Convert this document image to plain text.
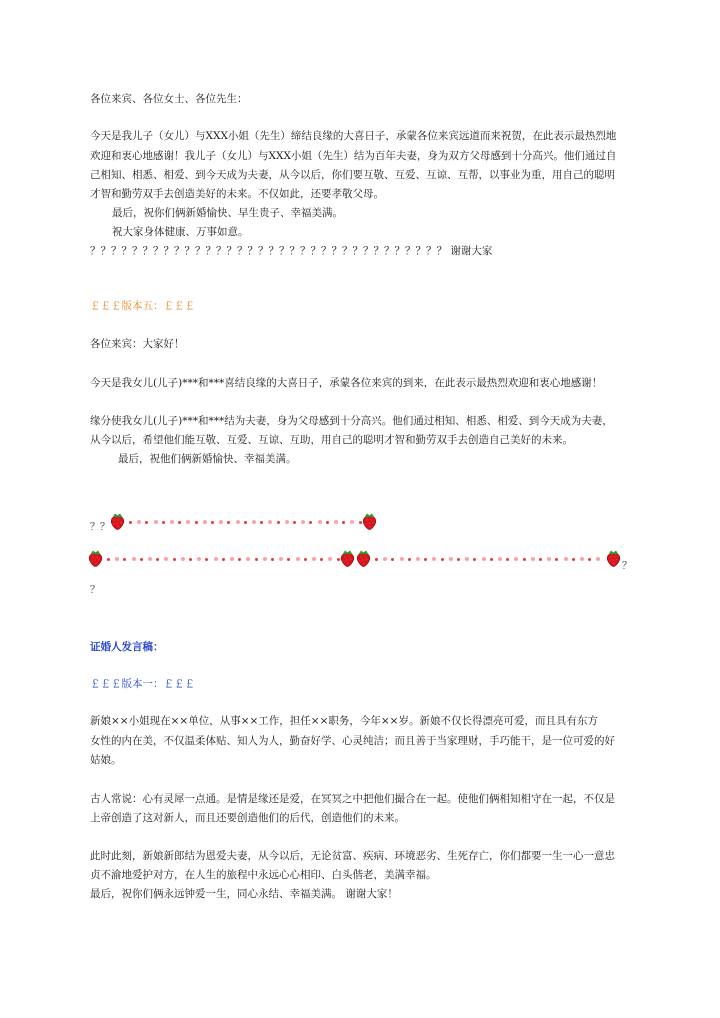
各位来宾、各位女士、各位先生：
今天是我儿子（女儿）与XXX小姐（先生）缔结良缘的大喜日子，承蒙各位来宾远道而来祝贺，在此表示最热烈地
欢迎和衷心地感谢！我儿子（女儿）与XXX小姐（先生）结为百年夫妻，身为双方父母感到十分高兴。他们通过自
己相知、相悉、相爱、到今天成为夫妻，从今以后，你们要互敬、互爱、互谅、互帮，以事业为重，用自己的聪明
才智和勤劳双手去创造美好的未来。不仅如此，还要孝敬父母。
最后，祝你们俩新婚愉快、早生贵子、幸福美满。
祝大家身体健康、万事如意。
？？？？？？？？？？？？？？？？？？？？？？？？？？？？？？？？？？ 谢谢大家
￡￡￡版本五：￡￡￡
各位来宾：大家好！
今天是我女儿(儿子)***和***喜结良缘的大喜日子，承蒙各位来宾的到来，在此表示最热烈欢迎和衷心地感谢！
缘分使我女儿(儿子)***和***结为夫妻，身为父母感到十分高兴。他们通过相知、相悉、相爱、到今天成为夫妻，
从今以后，希望他们能互敬、互爱、互谅、互助，用自己的聪明才智和勤劳双手去创造自己美好的未来。
最后，祝他们俩新婚愉快、幸福美满。
？？
？
？
证婚人发言稿：
￡￡￡版本一：￡￡￡
新娘××小姐现在××单位，从事××工作，担任××职务，今年××岁。新娘不仅长得漂亮可爱，而且具有东方
女性的内在美，不仅温柔体贴、知人为人，勤奋好学、心灵纯洁；而且善于当家理财，手巧能干，是一位可爱的好
姑娘。
古人常说：心有灵犀一点通。是情是缘还是爱，在冥冥之中把他们撮合在一起。使他们俩相知相守在一起，不仅是
上帝创造了这对新人，而且还要创造他们的后代，创造他们的未来。
此时此刻，新娘新郎结为恩爱夫妻，从今以后，无论贫富、疾病、环境恶劣、生死存亡，你们都要一生一心一意忠
贞不渝地爱护对方，在人生的旅程中永远心心相印、白头偕老，美满幸福。
最后，祝你们俩永远钟爱一生，同心永结、幸福美满。 谢谢大家！
